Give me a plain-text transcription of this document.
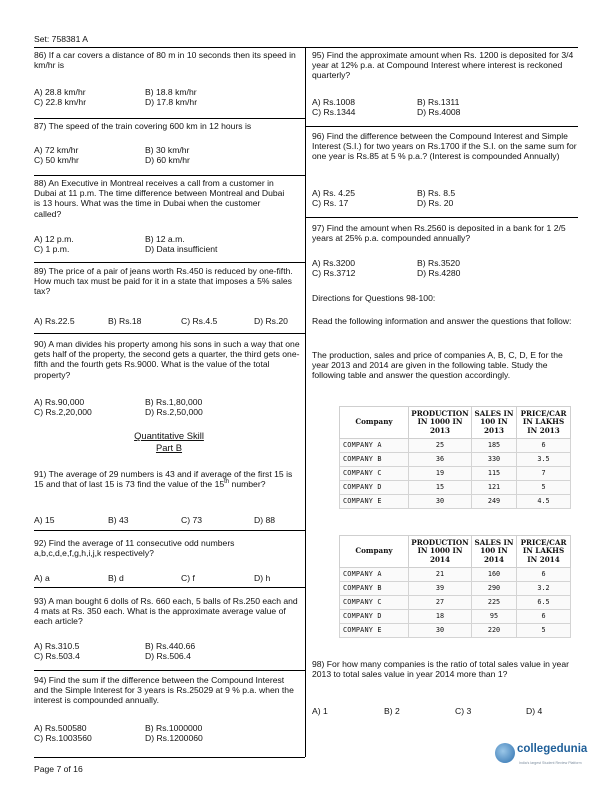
Set: 758381 A
86) If a car covers a distance of 80 m in 10 seconds then its speed in km/hr is
A) 28.8 km/hr	B) 18.8 km/hr
C) 22.8 km/hr	D) 17.8 km/hr
87) The speed of the train covering 600 km in 12 hours is
A) 72 km/hr	B) 30 km/hr
C) 50 km/hr	D) 60 km/hr
88) An Executive in Montreal receives a call from a customer in Dubai at 11 p.m. The time difference between Montreal and Dubai is 13 hours. What was the time in Dubai when the customer called?
A) 12 p.m.	B) 12 a.m.
C) 1 p.m.	D) Data insufficient
89) The price of a pair of jeans worth Rs.450 is reduced by one-fifth. How much tax must be paid for it in a state that imposes a 5% sales tax?
A) Rs.22.5	B) Rs.18	C) Rs.4.5	D) Rs.20
90) A man divides his property among his sons in such a way that one gets half of the property, the second gets a quarter, the third gets one-fifth and the fourth gets Rs.9000. What is the value of the total property?
A) Rs.90,000	B) Rs.1,80,000
C) Rs.2,20,000	D) Rs.2,50,000
Quantitative Skill
Part B
91) The average of 29 numbers is 43 and if average of the first 15 is 15 and that of last 15 is 73 find the value of the 15th number?
A) 15	B) 43	C) 73	D) 88
92) Find the average of 11 consecutive odd numbers a,b,c,d,e,f,g,h,i,j,k respectively?
A) a	B) d	C) f	D) h
93) A man bought 6 dolls of Rs. 660 each, 5 balls of Rs.250 each and 4 mats at Rs. 350 each. What is the approximate average value of each article?
A) Rs.310.5	B) Rs.440.66
C) Rs.503.4	D) Rs.506.4
94) Find the sum if the difference between the Compound Interest and the Simple Interest for 3 years is Rs.25029 at 9 % p.a. when the interest is compounded annually.
A) Rs.500580	B) Rs.1000000
C) Rs.1003560	D) Rs.1200060
Page 7 of 16
95) Find the approximate amount when Rs. 1200 is deposited for 3/4 year at 12% p.a. at Compound Interest where interest is reckoned quarterly?
A) Rs.1008	B) Rs.1311
C) Rs.1344	D) Rs.4008
96) Find the difference between the Compound Interest and Simple Interest (S.I.) for two years on Rs.1700 if the S.I. on the same sum for one year is Rs.85 at 5 % p.a.? (Interest is compounded Annually)
A) Rs. 4.25	B) Rs. 8.5
C) Rs. 17	D) Rs. 20
97) Find the amount when Rs.2560 is deposited in a bank for 1 2/5 years at 25% p.a. compounded annually?
A) Rs.3200	B) Rs.3520
C) Rs.3712	D) Rs.4280
Directions for Questions 98-100:
Read the following information and answer the questions that follow:
The production, sales and price of companies A, B, C, D, E for the year 2013 and 2014 are given in the following table. Study the following table and answer the question accordingly.
Company	PRODUCTION IN 1000 IN 2013	SALES IN 100 IN 2013	PRICE/CAR IN LAKHS IN 2013
COMPANY A	25	185	6
COMPANY B	36	330	3.5
COMPANY C	19	115	7
COMPANY D	15	121	5
COMPANY E	30	249	4.5
Company	PRODUCTION IN 1000 IN 2014	SALES IN 100 IN 2014	PRICE/CAR IN LAKHS IN 2014
COMPANY A	21	160	6
COMPANY B	39	290	3.2
COMPANY C	27	225	6.5
COMPANY D	18	95	6
COMPANY E	30	220	5
98) For how many companies is the ratio of total sales value in year 2013 to total sales value in year 2014 more than 1?
A) 1	B) 2	C) 3	D) 4
collegedunia
India's largest Student Review Platform
